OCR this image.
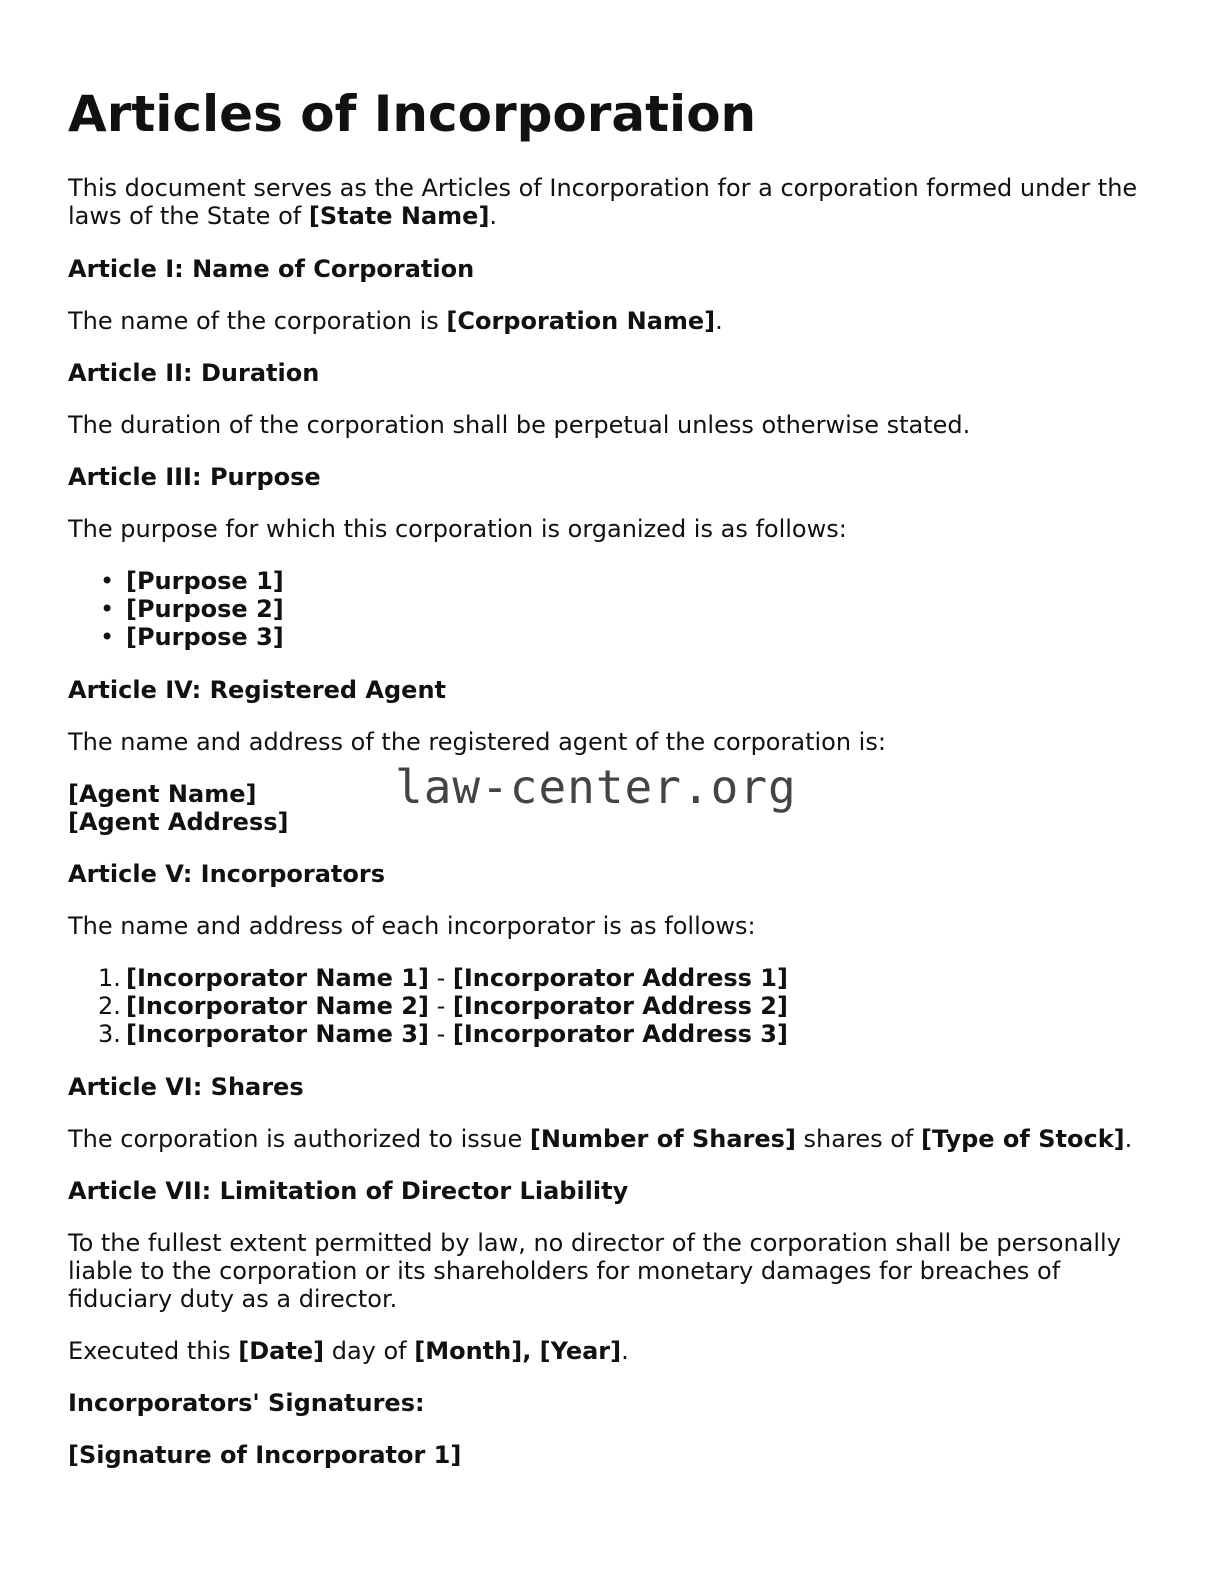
Articles of Incorporation
This document serves as the Articles of Incorporation for a corporation formed under the laws of the State of [State Name].
Article I: Name of Corporation
The name of the corporation is [Corporation Name].
Article II: Duration
The duration of the corporation shall be perpetual unless otherwise stated.
Article III: Purpose
The purpose for which this corporation is organized is as follows:
• [Purpose 1]
• [Purpose 2]
• [Purpose 3]
Article IV: Registered Agent
The name and address of the registered agent of the corporation is:
[Agent Name]
[Agent Address]
Article V: Incorporators
The name and address of each incorporator is as follows:
1. [Incorporator Name 1] - [Incorporator Address 1]
2. [Incorporator Name 2] - [Incorporator Address 2]
3. [Incorporator Name 3] - [Incorporator Address 3]
Article VI: Shares
The corporation is authorized to issue [Number of Shares] shares of [Type of Stock].
Article VII: Limitation of Director Liability
To the fullest extent permitted by law, no director of the corporation shall be personally liable to the corporation or its shareholders for monetary damages for breaches of fiduciary duty as a director.
Executed this [Date] day of [Month], [Year].
Incorporators' Signatures:
[Signature of Incorporator 1]
law-center.org
